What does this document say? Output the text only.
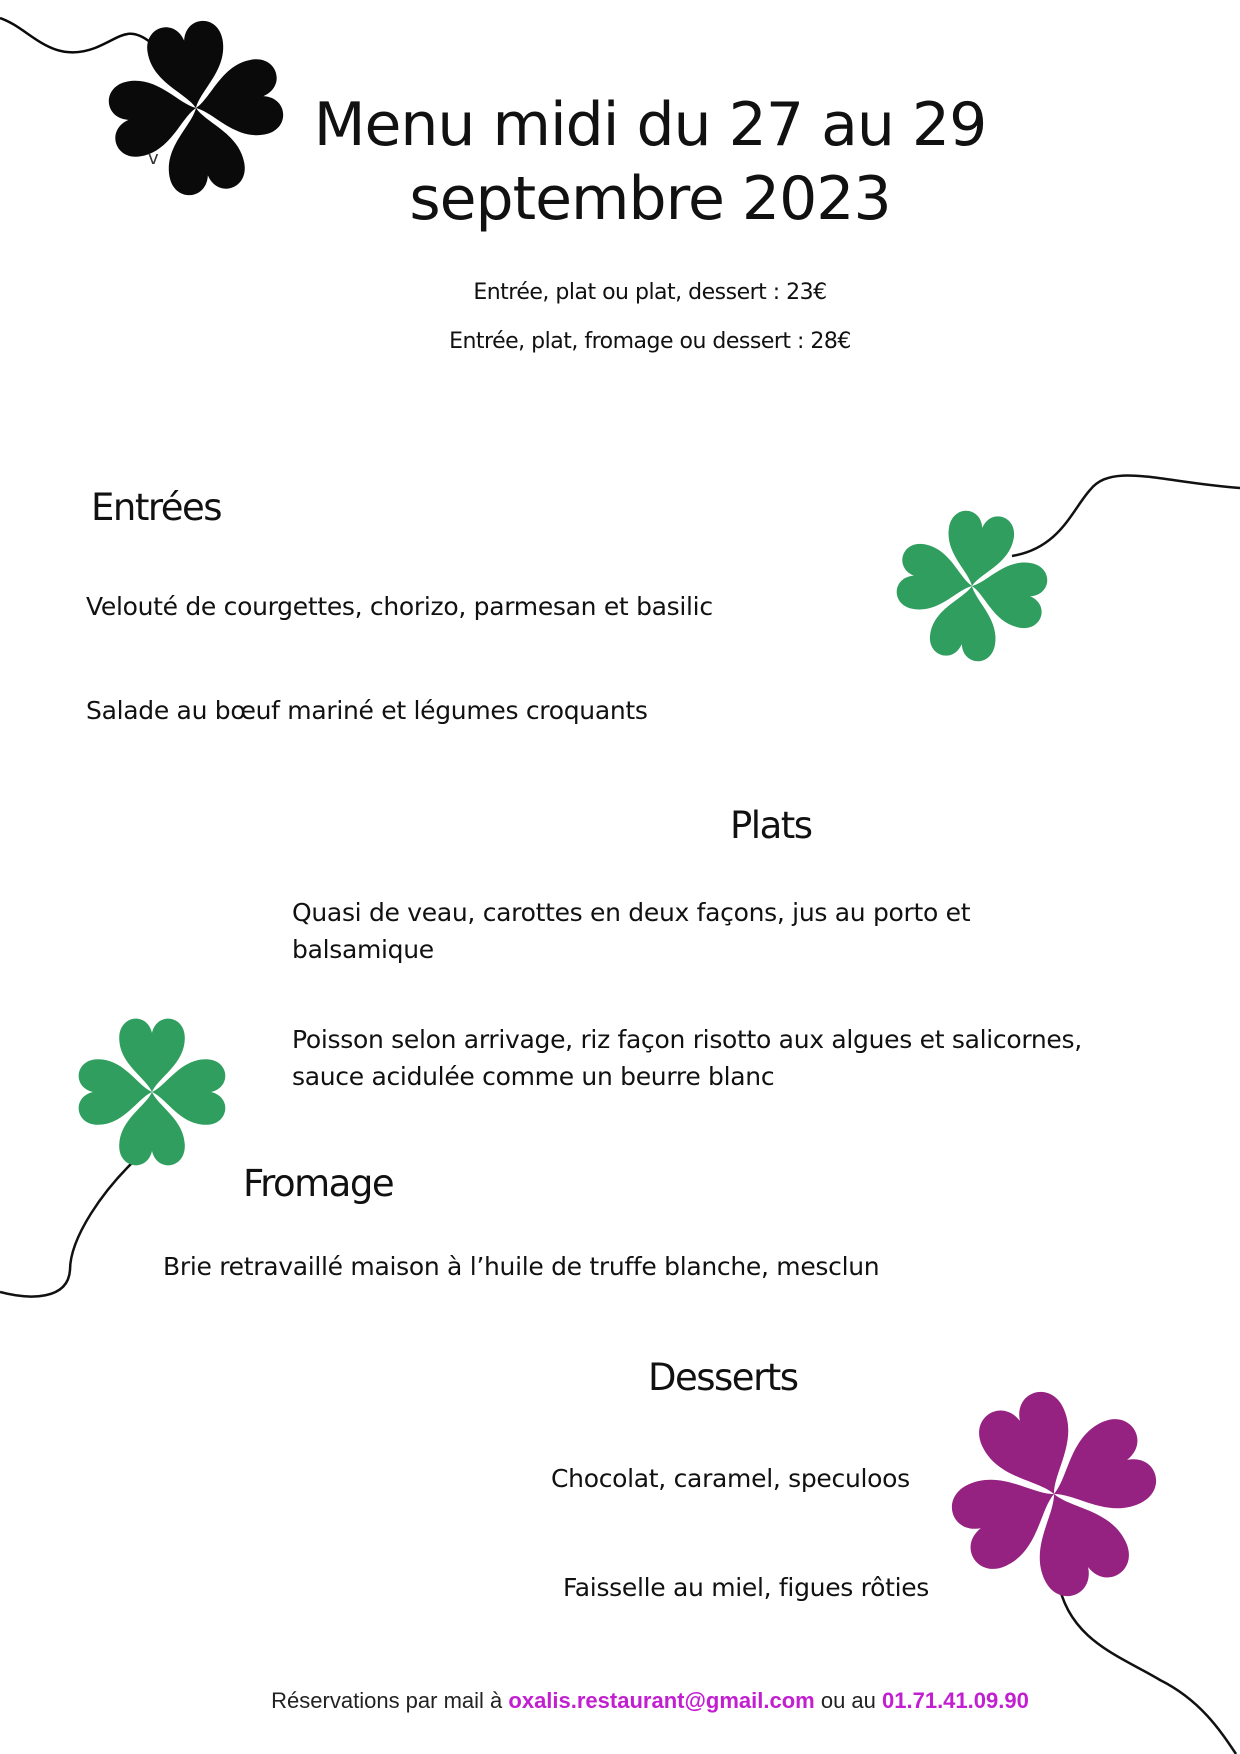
v	Menu midi du 27 au 29
septembre 2023
Entrée, plat ou plat, dessert : 23€
Entrée, plat, fromage ou dessert : 28€
Entrées
Velouté de courgettes, chorizo, parmesan et basilic
Salade au bœuf mariné et légumes croquants
Plats
Quasi de veau, carottes en deux façons, jus au porto et balsamique
Poisson selon arrivage, riz façon risotto aux algues et salicornes, sauce acidulée comme un beurre blanc
Fromage
Brie retravaillé maison à l’huile de truffe blanche, mesclun
Desserts
Chocolat, caramel, speculoos
Faisselle au miel, figues rôties
Réservations par mail à oxalis.restaurant@gmail.com ou au 01.71.41.09.90
